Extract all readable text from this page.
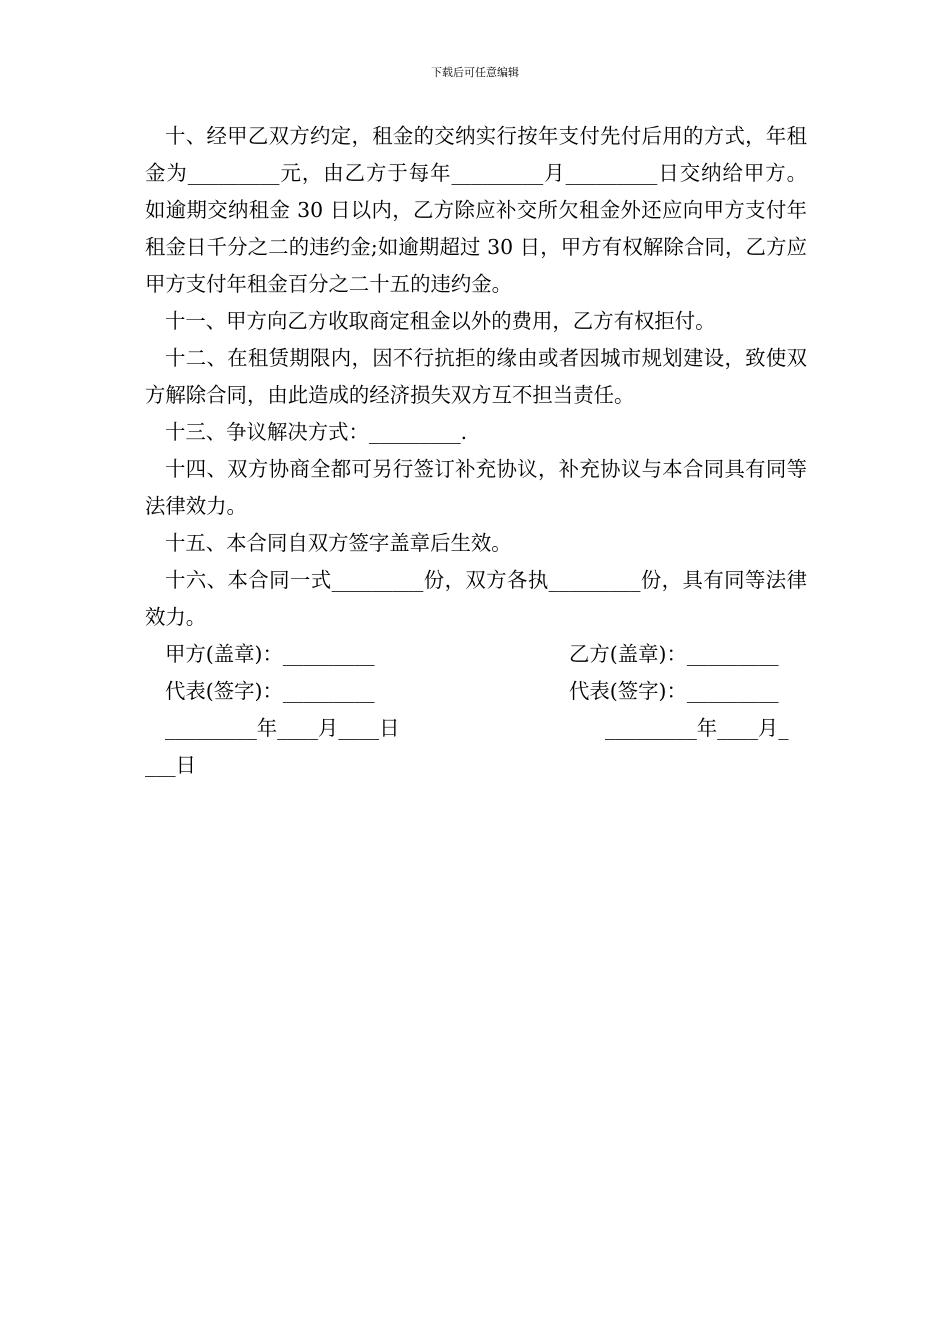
下载后可任意编辑

十、经甲乙双方约定，租金的交纳实行按年支付先付后用的方式，年租金为_________元，由乙方于每年_________月_________日交纳给甲方。如逾期交纳租金 30 日以内，乙方除应补交所欠租金外还应向甲方支付年租金日千分之二的违约金;如逾期超过 30 日，甲方有权解除合同，乙方应甲方支付年租金百分之二十五的违约金。

十一、甲方向乙方收取商定租金以外的费用，乙方有权拒付。

十二、在租赁期限内，因不行抗拒的缘由或者因城市规划建设，致使双方解除合同，由此造成的经济损失双方互不担当责任。

十三、争议解决方式：_________.

十四、双方协商全都可另行签订补充协议，补充协议与本合同具有同等法律效力。

十五、本合同自双方签字盖章后生效。

十六、本合同一式_________份，双方各执_________份，具有同等法律效力。

甲方(盖章)：_________	乙方(盖章)：_________
代表(签字)：_________	代表(签字)：_________
_________年____月____日	_________年____月_
___日
